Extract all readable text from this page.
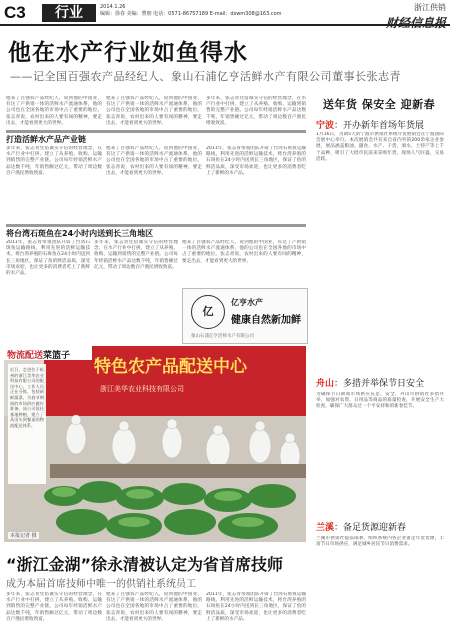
C3	行业	2014.1.26
编辑：徐春 美编：曹朋 电话：0571-86757189 E-mail：dswm308@163.com
浙江供销
财经信息报
他在水产行业如鱼得水
——记全国百强农产品经纪人、象山石浦亿亨活鲜水产有限公司董事长张志青
他来了百强农产品经纪人，说到他的中国业，有这了产供销一体的活鲜水产流通体系，他的公司也在全国各地的市场中占了重要的地位。张志青说，农村出来的人要有闯的精神，要走出去，才能看到更大的世界。
他来了百强农产品经纪人，说到他的中国业，有这了产供销一体的活鲜水产流通体系，他的公司也在全国各地的市场中占了重要的地位。张志青说，农村出来的人要有闯的精神，要走出去，才能看到更大的世界。
多年来，张志青凭借诚实守信的经营理念，在水产行业中打拼，建立了从养殖、收购、运输到销售的完整产业链。公司每年经销活鲜水产品达数千吨，年销售额过亿元，带动了周边数百户渔民增收致富。
打造活鲜水产品产业链
多年来，张志青凭借诚实守信的经营理念，在水产行业中打拼，建立了从养殖、收购、运输到销售的完整产业链。公司每年经销活鲜水产品达数千吨，年销售额过亿元，带动了周边数百户渔民增收致富。
他来了百强农产品经纪人，说到他的中国业，有这了产供销一体的活鲜水产流通体系，他的公司也在全国各地的市场中占了重要的地位。张志青说，农村出来的人要有闯的精神，要走出去，才能看到更大的世界。
2011年，张志青带领团队开辟了台湾石斑鱼运输路线，利用先进的活鲜运输技术，将台湾养殖的石斑鱼在24小时内送到长三角地区，保证了鱼的鲜活品质，深受市场欢迎，也让更多的消费者吃上了新鲜的水产品。
将台湾石斑鱼在24小时内送到长三角地区
2011年，张志青带领团队开辟了台湾石斑鱼运输路线，利用先进的活鲜运输技术，将台湾养殖的石斑鱼在24小时内送到长三角地区，保证了鱼的鲜活品质，深受市场欢迎，也让更多的消费者吃上了新鲜的水产品。
多年来，张志青凭借诚实守信的经营理念，在水产行业中打拼，建立了从养殖、收购、运输到销售的完整产业链。公司每年经销活鲜水产品达数千吨，年销售额过亿元，带动了周边数百户渔民增收致富。
他来了百强农产品经纪人，说到他的中国业，有这了产供销一体的活鲜水产流通体系，他的公司也在全国各地的市场中占了重要的地位。张志青说，农村出来的人要有闯的精神，要走出去，才能看到更大的世界。
亿
亿亨水产
健康自然新加鲜
象山石浦亿亨活鲜水产有限公司
特色农产品配送中心
浙江美华农业科技有限公司
物流配送菜篮子
近日，走进位于杭州的浙江美华农业科技有限公司的配送中心，工作人员正在分拣、包装新鲜蔬菜，为春节期间的市场供应做好准备。该公司依托基地种植，建立了从田头到餐桌的物流配送体系。
本报记者 摄
“浙江金湖”徐永清被认定为省首席技师
成为本届首席技师中唯一的供销社系统员工
多年来，张志青凭借诚实守信的经营理念，在水产行业中打拼，建立了从养殖、收购、运输到销售的完整产业链。公司每年经销活鲜水产品达数千吨，年销售额过亿元，带动了周边数百户渔民增收致富。
他来了百强农产品经纪人，说到他的中国业，有这了产供销一体的活鲜水产流通体系，他的公司也在全国各地的市场中占了重要的地位。张志青说，农村出来的人要有闯的精神，要走出去，才能看到更大的世界。
2011年，张志青带领团队开辟了台湾石斑鱼运输路线，利用先进的活鲜运输技术，将台湾养殖的石斑鱼在24小时内送到长三角地区，保证了鱼的鲜活品质，深受市场欢迎，也让更多的消费者吃上了新鲜的水产品。
送年货 保安全 迎新春
宁波：开办新年首场年货展
1月16日，为期5天的宁波市供销社系统年货展销会在宁波国际会展中心举行。本次展销会共有来自省内外的200余家企业参展，展品涵盖粮油、副食、水产、干货、酒水、土特产等上千个品种，吸引了大批市民前来采购年货，现场人气旺盛，交易活跃。
舟山：多措并举保节日安全
为确保节日期间市场供应充足、安全，舟山市供销社多措并举，加强对农资、日用品等商品的质量检查，开展安全生产大检查，确保广大群众过一个平安祥和的新春佳节。
兰溪：备足货源迎新春
兰溪市供销社提前部署，组织系统内各企业备足年货货源，丰富节日市场供应，满足城乡居民节日消费需求。
